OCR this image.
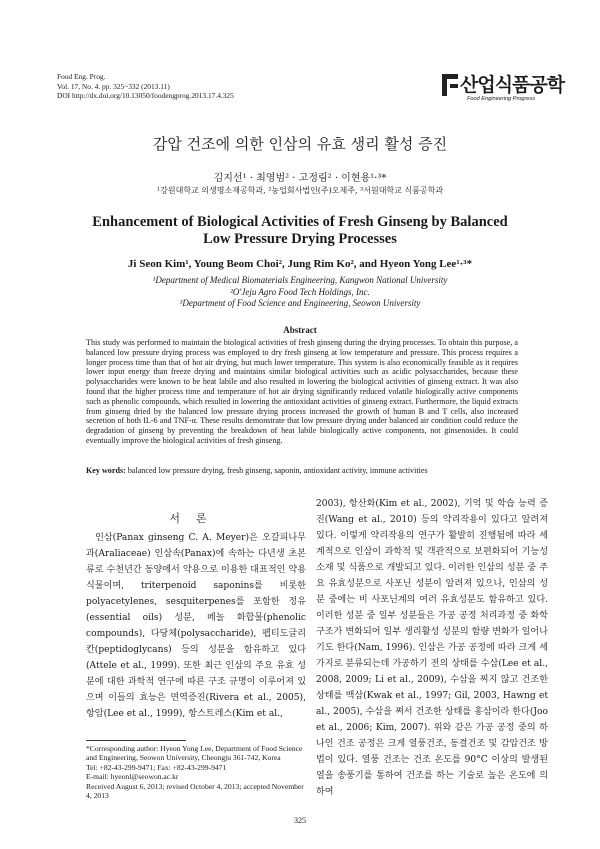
Food Eng. Prog.
Vol. 17, No. 4. pp. 325~332 (2013.11)
DOI http://dx.doi.org/10.13050/foodengprog.2013.17.4.325	산업식품공학
Food Engineering Progress
감압 건조에 의한 인삼의 유효 생리 활성 증진
김지선¹ · 최영범² · 고정림² · 이현용¹·³*
¹강원대학교 의생명소재공학과, ²농업회사법인(주)오제주, ³서원대학교 식품공학과
Enhancement of Biological Activities of Fresh Ginseng by Balanced
Low Pressure Drying Processes
Ji Seon Kim¹, Young Beom Choi², Jung Rim Ko², and Hyeon Yong Lee¹·³*
¹Department of Medical Biomaterials Engineering, Kangwon National University
²O'Jeju Agro Food Tech Holdings, Inc.
³Department of Food Science and Engineering, Seowon University
Abstract
This study was performed to maintain the biological activities of fresh ginseng during the drying processes. To obtain this purpose, a balanced low pressure drying process was employed to dry fresh ginseng at low temperature and pressure. This process requires a longer process time than that of hot air drying, but much lower temperature. This system is also economically feasible as it requires lower input energy than freeze drying and maintains similar biological activities such as acidic polysaccharides, because these polysaccharides were known to be heat labile and also resulted in lowering the biological activities of ginseng extract. It was also found that the higher process time and temperature of hot air drying significantly reduced volatile biologically active components such as phenolic compounds, which resulted in lowering the antioxidant activities of ginseng extract. Furthermore, the liquid extracts from ginseng dried by the balanced low pressure drying process increased the growth of human B and T cells, also increased secretion of both IL-6 and TNF-α. These results demonstrate that low pressure drying under balanced air condition could reduce the degradation of ginseng by preventing the breakdown of heat labile biologically active components, not ginsenosides. It could eventually improve the biological activities of fresh ginseng.
Key words: balanced low pressure drying, fresh ginseng, saponin, antioxidant activity, immune activities
서론

인삼(Panax ginseng C. A. Meyer)은 오갈피나무과(Araliaceae) 인삼속(Panax)에 속하는 다년생 초본류로 수천년간 동양에서 약용으로 이용한 대표적인 약용 식물이며, triterpenoid saponins를 비롯한 polyacetylenes, sesquiterpenes를 포함한 정유(essential oils) 성분, 페놀 화합물(phenolic compounds), 다당체(polysaccharide), 펩티도글리칸(peptidoglycans) 등의 성분을 함유하고 있다(Attele et al., 1999). 또한 최근 인삼의 주요 유효 성분에 대한 과학적 연구에 따른 구조 규명이 이루어져 있으며 이들의 효능은 면역증진(Rivera et al., 2005), 항암(Lee et al., 1999), 항스트레스(Kim et al.,

2003), 항산화(Kim et al., 2002), 기억 및 학습 능력 증진(Wang et al., 2010) 등의 약리작용이 있다고 알려져 있다. 이렇게 약리작용의 연구가 활발히 진행됨에 따라 세계적으로 인삼이 과학적 및 객관적으로 보편화되어 기능성 소재 및 식품으로 개발되고 있다. 이러한 인삼의 성분 중 주요 유효성분으로 사포닌 성분이 알려져 있으나, 인삼의 성분 중에는 비 사포닌계의 여러 유효성분도 함유하고 있다. 이러한 성분 중 일부 성분들은 가공 공정 처리과정 중 화학구조가 변화되어 일부 생리활성 성분의 함량 변화가 일어나기도 한다(Nam, 1996). 인삼은 가공 공정에 따라 크게 세 가지로 분류되는데 가공하기 전의 상태를 수삼(Lee et al., 2008, 2009; Li et al., 2009), 수삼을 찌지 않고 건조한 상태를 백삼(Kwak et al., 1997; Gil, 2003, Hawng et al., 2005), 수삼을 쪄서 건조한 상태를 홍삼이라 한다(Joo et al., 2006; Kim, 2007). 위와 같은 가공 공정 중의 하나인 건조 공정은 크게 열풍건조, 동결건조 및 감압건조 방법이 있다. 열풍 건조는 건조 온도를 90°C 이상의 발생된 열을 송풍기를 통하여 건조를 하는 기술로 높은 온도에 의하여

*Corresponding author: Hyeon Yong Lee, Department of Food Science and Engineering, Seowon University, Cheongju 361-742, Korea
Tel: +82-43-299-9471; Fax: +82-43-299-9471
E-mail: hyeonl@seowon.ac.kr
Received August 6, 2013; revised October 4, 2013; accepted November 4, 2013
325
